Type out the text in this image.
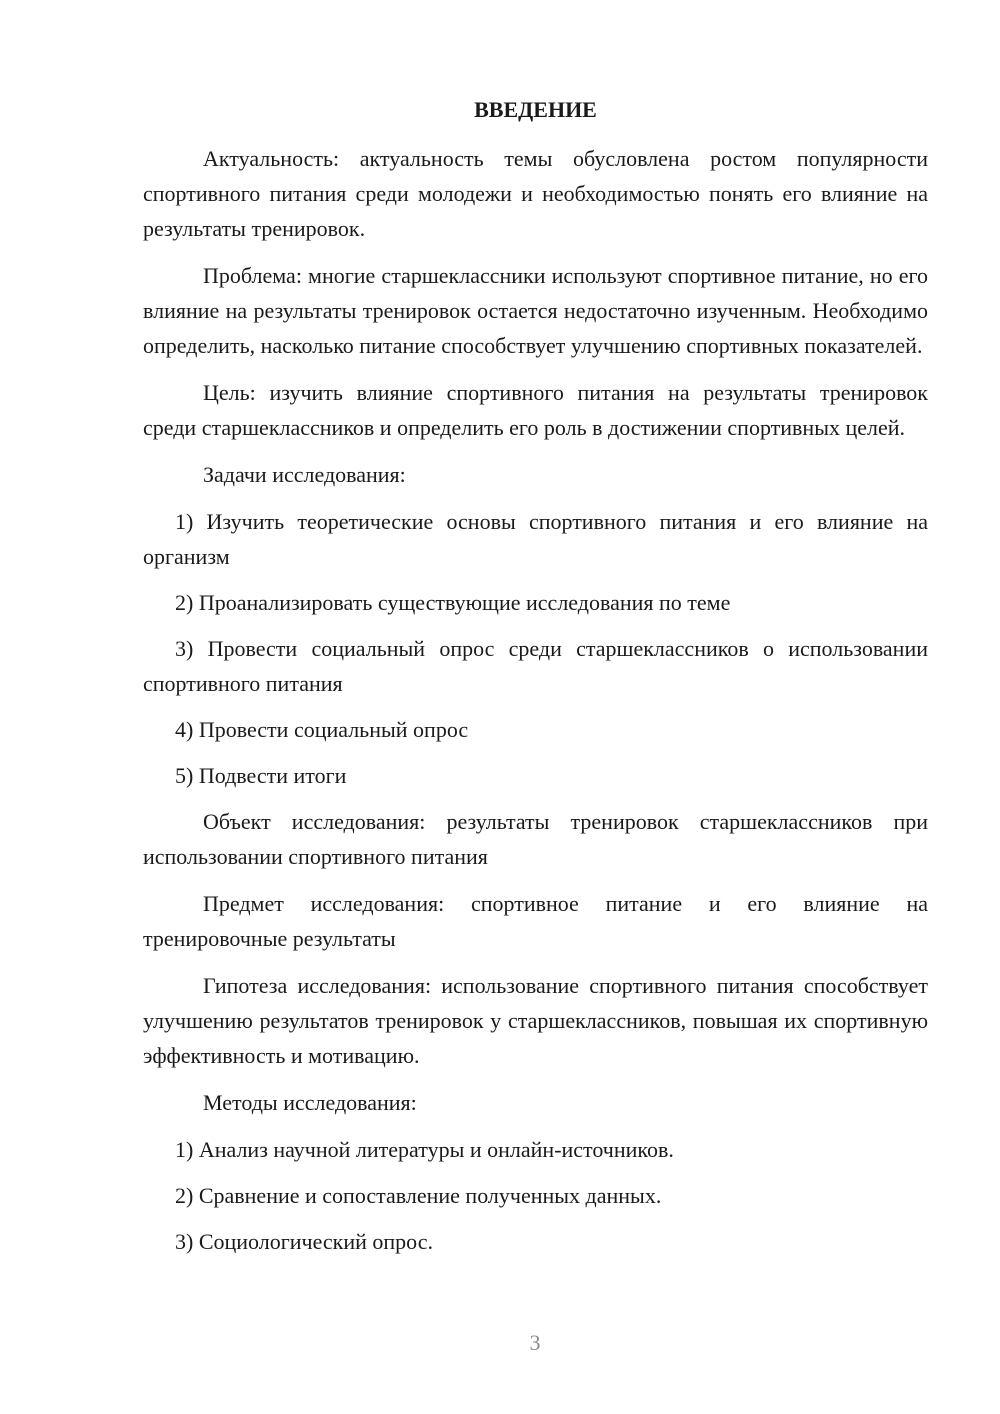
ВВЕДЕНИЕ

Актуальность: актуальность темы обусловлена ростом популярности спортивного питания среди молодежи и необходимостью понять его влияние на результаты тренировок.

Проблема: многие старшеклассники используют спортивное питание, но его влияние на результаты тренировок остается недостаточно изученным. Необходимо определить, насколько питание способствует улучшению спортивных показателей.

Цель: изучить влияние спортивного питания на результаты тренировок среди старшеклассников и определить его роль в достижении спортивных целей.

Задачи исследования:

1) Изучить теоретические основы спортивного питания и его влияние на организм

2) Проанализировать существующие исследования по теме

3) Провести социальный опрос среди старшеклассников о использовании спортивного питания

4) Провести социальный опрос

5) Подвести итоги

Объект исследования: результаты тренировок старшеклассников при использовании спортивного питания

Предмет исследования: спортивное питание и его влияние на тренировочные результаты

Гипотеза исследования: использование спортивного питания способствует улучшению результатов тренировок у старшеклассников, повышая их спортивную эффективность и мотивацию.

Методы исследования:

1) Анализ научной литературы и онлайн-источников.

2) Сравнение и сопоставление полученных данных.

3) Социологический опрос.

3
